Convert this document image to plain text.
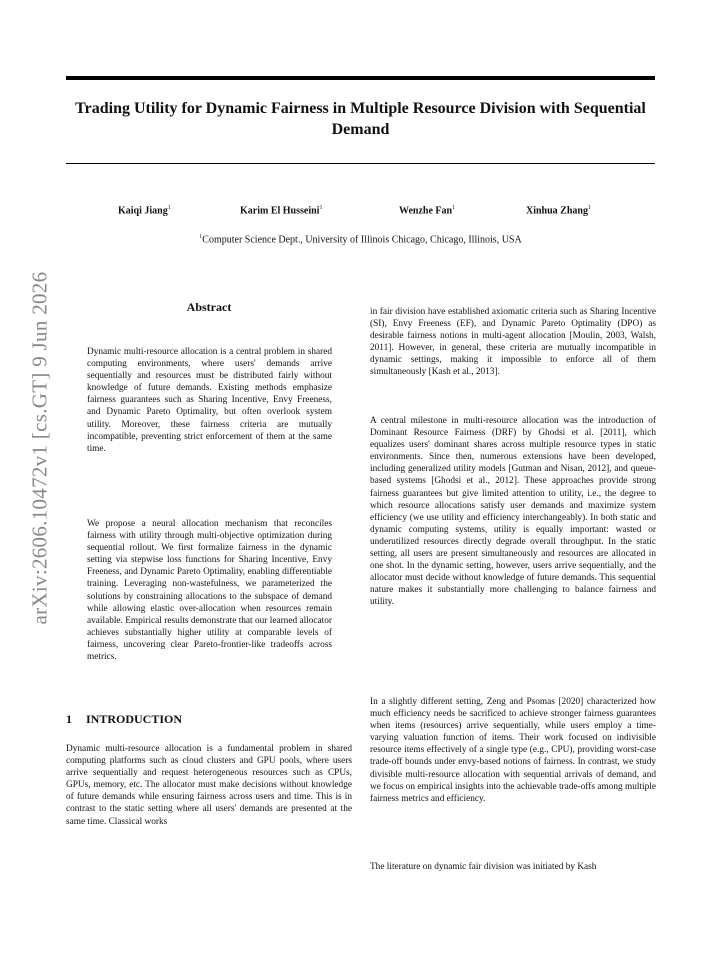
arXiv:2606.10472v1 [cs.GT] 9 Jun 2026
Trading Utility for Dynamic Fairness in Multiple Resource Division with Sequential Demand
Kaiqi Jiang$^1$	Karim El Husseini$^1$	Wenzhe Fan$^1$	Xinhua Zhang$^1$
$^1$Computer Science Dept., University of Illinois Chicago, Chicago, Illinois, USA
Abstract

Dynamic multi-resource allocation is a central problem in shared computing environments, where users' demands arrive sequentially and resources must be distributed fairly without knowledge of future demands. Existing methods emphasize fairness guarantees such as Sharing Incentive, Envy Freeness, and Dynamic Pareto Optimality, but often overlook system utility. Moreover, these fairness criteria are mutually incompatible, preventing strict enforcement of them at the same time.

We propose a neural allocation mechanism that reconciles fairness with utility through multi-objective optimization during sequential rollout. We first formalize fairness in the dynamic setting via stepwise loss functions for Sharing Incentive, Envy Freeness, and Dynamic Pareto Optimality, enabling differentiable training. Leveraging non-wastefulness, we parameterized the solutions by constraining allocations to the subspace of demand while allowing elastic over-allocation when resources remain available. Empirical results demonstrate that our learned allocator achieves substantially higher utility at comparable levels of fairness, uncovering clear Pareto-frontier-like tradeoffs across metrics.

1 INTRODUCTION

Dynamic multi-resource allocation is a fundamental problem in shared computing platforms such as cloud clusters and GPU pools, where users arrive sequentially and request heterogeneous resources such as CPUs, GPUs, memory, etc. The allocator must make decisions without knowledge of future demands while ensuring fairness across users and time. This is in contrast to the static setting where all users' demands are presented at the same time. Classical works

in fair division have established axiomatic criteria such as Sharing Incentive (SI), Envy Freeness (EF), and Dynamic Pareto Optimality (DPO) as desirable fairness notions in multi-agent allocation [Moulin, 2003, Walsh, 2011]. However, in general, these criteria are mutually incompatible in dynamic settings, making it impossible to enforce all of them simultaneously [Kash et al., 2013].

A central milestone in multi-resource allocation was the introduction of Dominant Resource Fairness (DRF) by Ghodsi et al. [2011], which equalizes users' dominant shares across multiple resource types in static environments. Since then, numerous extensions have been developed, including generalized utility models [Gutman and Nisan, 2012], and queue-based systems [Ghodsi et al., 2012]. These approaches provide strong fairness guarantees but give limited attention to utility, i.e., the degree to which resource allocations satisfy user demands and maximize system efficiency (we use utility and efficiency interchangeably). In both static and dynamic computing systems, utility is equally important: wasted or underutilized resources directly degrade overall throughput. In the static setting, all users are present simultaneously and resources are allocated in one shot. In the dynamic setting, however, users arrive sequentially, and the allocator must decide without knowledge of future demands. This sequential nature makes it substantially more challenging to balance fairness and utility.

In a slightly different setting, Zeng and Psomas [2020] characterized how much efficiency needs be sacrificed to achieve stronger fairness guarantees when items (resources) arrive sequentially, while users employ a time-varying valuation function of items. Their work focused on indivisible resource items effectively of a single type (e.g., CPU), providing worst-case trade-off bounds under envy-based notions of fairness. In contrast, we study divisible multi-resource allocation with sequential arrivals of demand, and we focus on empirical insights into the achievable trade-offs among multiple fairness metrics and efficiency.

The literature on dynamic fair division was initiated by Kash
